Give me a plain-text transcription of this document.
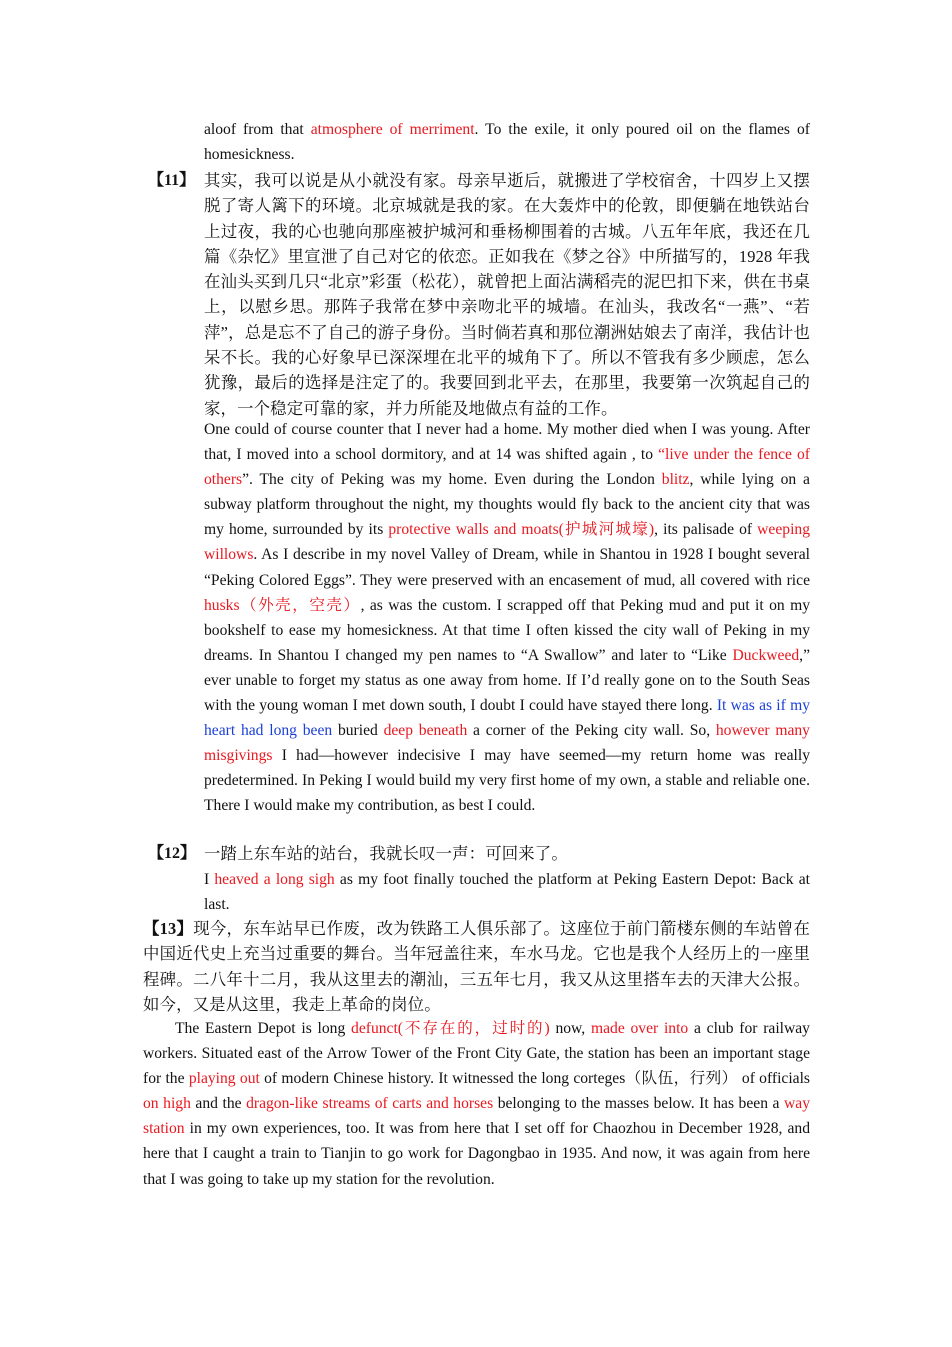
aloof from that atmosphere of merriment. To the exile, it only poured oil on the flames of homesickness.
【11】 其实，我可以说是从小就没有家。母亲早逝后，就搬进了学校宿舍，十四岁上又摆脱了寄人篱下的环境。北京城就是我的家。在大轰炸中的伦敦，即便躺在地铁站台上过夜，我的心也驰向那座被护城河和垂杨柳围着的古城。八五年年底，我还在几篇《杂忆》里宣泄了自己对它的依恋。正如我在《梦之谷》中所描写的，1928 年我在汕头买到几只“北京”彩蛋（松花），就曾把上面沾满稻壳的泥巴扣下来，供在书桌上，以慰乡思。那阵子我常在梦中亲吻北平的城墙。在汕头，我改名“一燕”、“若萍”，总是忘不了自己的游子身份。当时倘若真和那位潮洲姑娘去了南洋，我估计也呆不长。我的心好象早已深深埋在北平的城角下了。所以不管我有多少顾虑，怎么犹豫，最后的选择是注定了的。我要回到北平去，在那里，我要第一次筑起自己的家，一个稳定可靠的家，并力所能及地做点有益的工作。
One could of course counter that I never had a home. My mother died when I was young. After that, I moved into a school dormitory, and at 14 was shifted again , to “live under the fence of others”. The city of Peking was my home. Even during the London blitz, while lying on a subway platform throughout the night, my thoughts would fly back to the ancient city that was my home, surrounded by its protective walls and moats(护城河城壕), its palisade of weeping willows. As I describe in my novel Valley of Dream, while in Shantou in 1928 I bought several “Peking Colored Eggs”. They were preserved with an encasement of mud, all covered with rice husks（外壳，空壳）, as was the custom. I scrapped off that Peking mud and put it on my bookshelf to ease my homesickness. At that time I often kissed the city wall of Peking in my dreams. In Shantou I changed my pen names to “A Swallow” and later to “Like Duckweed,” ever unable to forget my status as one away from home. If I’d really gone on to the South Seas with the young woman I met down south, I doubt I could have stayed there long. It was as if my heart had long been buried deep beneath a corner of the Peking city wall. So, however many misgivings I had—however indecisive I may have seemed—my return home was really predetermined. In Peking I would build my very first home of my own, a stable and reliable one. There I would make my contribution, as best I could.
【12】 一踏上东车站的站台，我就长叹一声：可回来了。
I heaved a long sigh as my foot finally touched the platform at Peking Eastern Depot: Back at last.
【13】现今，东车站早已作废，改为铁路工人俱乐部了。这座位于前门箭楼东侧的车站曾在中国近代史上充当过重要的舞台。当年冠盖往来，车水马龙。它也是我个人经历上的一座里程碑。二八年十二月，我从这里去的潮汕，三五年七月，我又从这里搭车去的天津大公报。如今，又是从这里，我走上革命的岗位。
The Eastern Depot is long defunct(不存在的，过时的) now, made over into a club for railway workers. Situated east of the Arrow Tower of the Front City Gate, the station has been an important stage for the playing out of modern Chinese history. It witnessed the long corteges（队伍，行列） of officials on high and the dragon-like streams of carts and horses belonging to the masses below. It has been a way station in my own experiences, too. It was from here that I set off for Chaozhou in December 1928, and here that I caught a train to Tianjin to go work for Dagongbao in 1935. And now, it was again from here that I was going to take up my station for the revolution.
